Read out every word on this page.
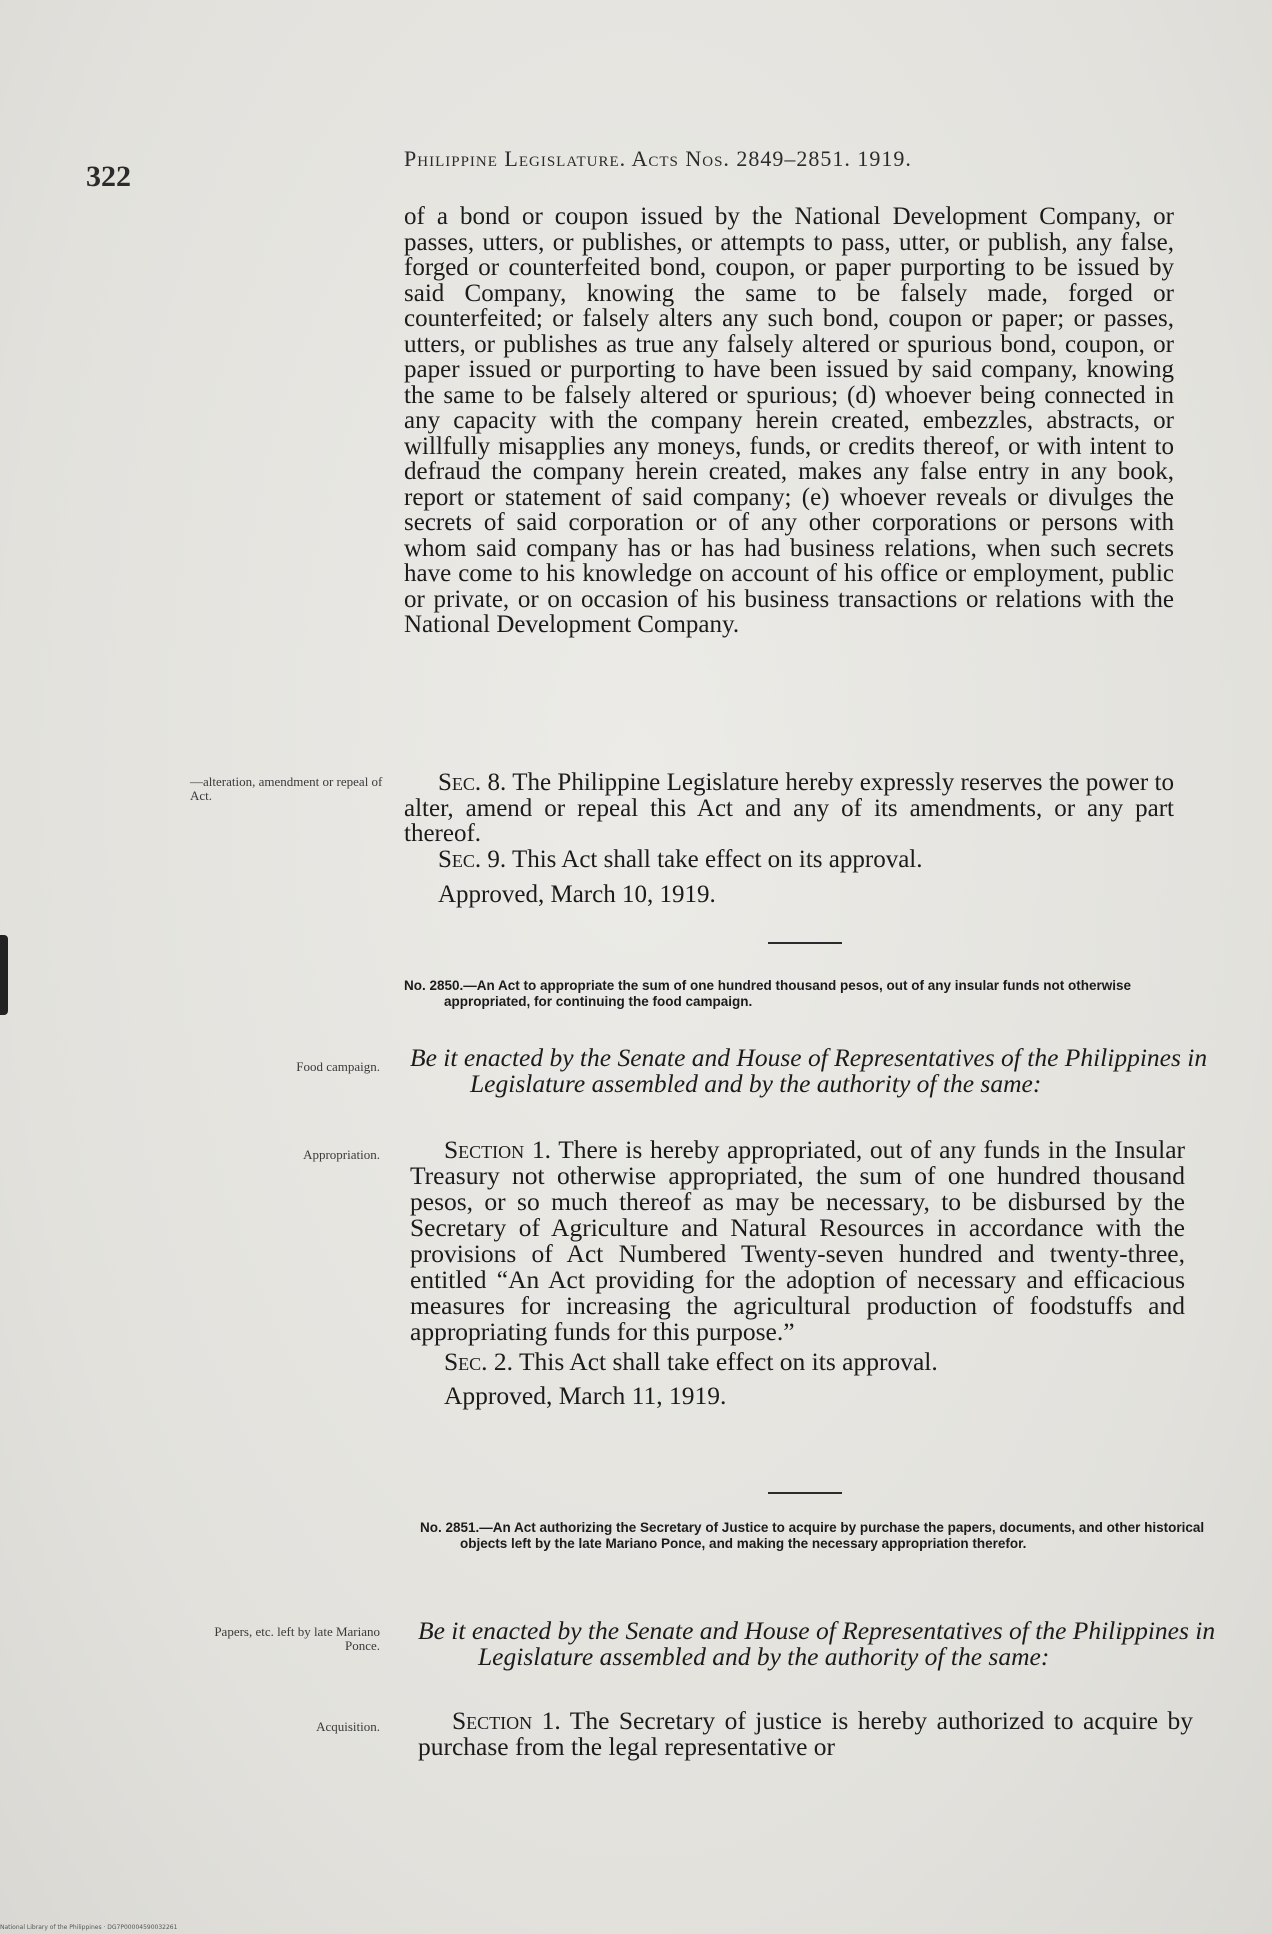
322
Philippine Legislature. Acts Nos. 2849–2851. 1919.

of a bond or coupon issued by the National Development Company, or passes, utters, or publishes, or attempts to pass, utter, or publish, any false, forged or counterfeited bond, coupon, or paper purporting to be issued by said Company, knowing the same to be falsely made, forged or counterfeited; or falsely alters any such bond, coupon or paper; or passes, utters, or publishes as true any falsely altered or spurious bond, coupon, or paper issued or purporting to have been issued by said company, knowing the same to be falsely altered or spurious; (d) whoever being connected in any capacity with the company herein created, embezzles, abstracts, or willfully misapplies any moneys, funds, or credits thereof, or with intent to defraud the company herein created, makes any false entry in any book, report or statement of said company; (e) whoever reveals or divulges the secrets of said corporation or of any other corporations or persons with whom said company has or has had business relations, when such secrets have come to his knowledge on account of his office or employment, public or private, or on occasion of his business transactions or relations with the National Development Company.

—alteration, amendment or repeal of Act.	Sec. 8. The Philippine Legislature hereby expressly reserves the power to alter, amend or repeal this Act and any of its amendments, or any part thereof.

Sec. 9. This Act shall take effect on its approval.

Approved, March 10, 1919.

No. 2850.—An Act to appropriate the sum of one hundred thousand pesos, out of any insular funds not otherwise appropriated, for continuing the food campaign.
Food campaign. Be it enacted by the Senate and House of Representatives of the Philippines in Legislature assembled and by the authority of the same:
Appropriation.	Section 1. There is hereby appropriated, out of any funds in the Insular Treasury not otherwise appropriated, the sum of one hundred thousand pesos, or so much thereof as may be necessary, to be disbursed by the Secretary of Agriculture and Natural Resources in accordance with the provisions of Act Numbered Twenty-seven hundred and twenty-three, entitled “An Act providing for the adoption of necessary and efficacious measures for increasing the agricultural production of foodstuffs and appropriating funds for this purpose.”

Sec. 2. This Act shall take effect on its approval.

Approved, March 11, 1919.

No. 2851.—An Act authorizing the Secretary of Justice to acquire by purchase the papers, documents, and other historical objects left by the late Mariano Ponce, and making the necessary appropriation therefor.
Papers, etc. left by late Mariano Ponce.
Be it enacted by the Senate and House of Representatives of the Philippines in Legislature assembled and by the authority of the same:
Acquisition.	Section 1. The Secretary of justice is hereby authorized to acquire by purchase from the legal representative or

National Library of the Philippines · DG7P00004590032261
